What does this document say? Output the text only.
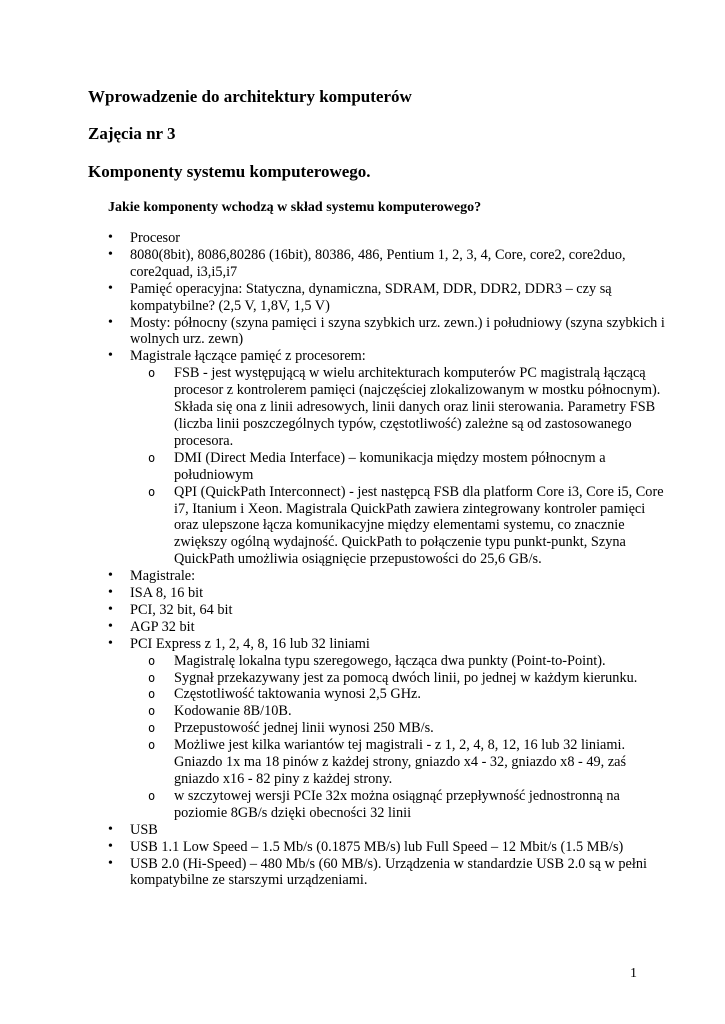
Wprowadzenie do architektury komputerów
Zajęcia nr 3
Komponenty systemu komputerowego.

Jakie komponenty wchodzą w skład systemu komputerowego?

•	Procesor
•	8080(8bit), 8086,80286 (16bit), 80386, 486, Pentium 1, 2, 3, 4, Core, core2, core2duo, core2quad, i3,i5,i7
•	Pamięć operacyjna: Statyczna, dynamiczna, SDRAM, DDR, DDR2, DDR3 – czy są kompatybilne? (2,5 V, 1,8V, 1,5 V)
•	Mosty: północny (szyna pamięci i szyna szybkich urz. zewn.) i południowy (szyna szybkich i wolnych urz. zewn)
•	Magistrale łączące pamięć z procesorem:
o FSB - jest występującą w wielu architekturach komputerów PC magistralą łączącą procesor z kontrolerem pamięci (najczęściej zlokalizowanym w mostku północnym). Składa się ona z linii adresowych, linii danych oraz linii sterowania. Parametry FSB (liczba linii poszczególnych typów, częstotliwość) zależne są od zastosowanego procesora.
o DMI (Direct Media Interface) – komunikacja między mostem północnym a południowym
o QPI (QuickPath Interconnect) - jest następcą FSB dla platform Core i3, Core i5, Core i7, Itanium i Xeon. Magistrala QuickPath zawiera zintegrowany kontroler pamięci oraz ulepszone łącza komunikacyjne między elementami systemu, co znacznie zwiększy ogólną wydajność. QuickPath to połączenie typu punkt-punkt, Szyna QuickPath umożliwia osiągnięcie przepustowości do 25,6 GB/s.
•	Magistrale:
•	ISA 8, 16 bit
•	PCI, 32 bit, 64 bit
•	AGP 32 bit
•	PCI Express z 1, 2, 4, 8, 16 lub 32 liniami
o Magistralę lokalna typu szeregowego, łącząca dwa punkty (Point-to-Point).
o Sygnał przekazywany jest za pomocą dwóch linii, po jednej w każdym kierunku.
o Częstotliwość taktowania wynosi 2,5 GHz.
o Kodowanie 8B/10B.
o Przepustowość jednej linii wynosi 250 MB/s.
o Możliwe jest kilka wariantów tej magistrali - z 1, 2, 4, 8, 12, 16 lub 32 liniami. Gniazdo 1x ma 18 pinów z każdej strony, gniazdo x4 - 32, gniazdo x8 - 49, zaś gniazdo x16 - 82 piny z każdej strony.
o w szczytowej wersji PCIe 32x można osiągnąć przepływność jednostronną na poziomie 8GB/s dzięki obecności 32 linii
•	USB
•	USB 1.1 Low Speed – 1.5 Mb/s (0.1875 MB/s) lub Full Speed – 12 Mbit/s (1.5 MB/s)
•	USB 2.0 (Hi-Speed) – 480 Mb/s (60 MB/s). Urządzenia w standardzie USB 2.0 są w pełni kompatybilne ze starszymi urządzeniami.

1
